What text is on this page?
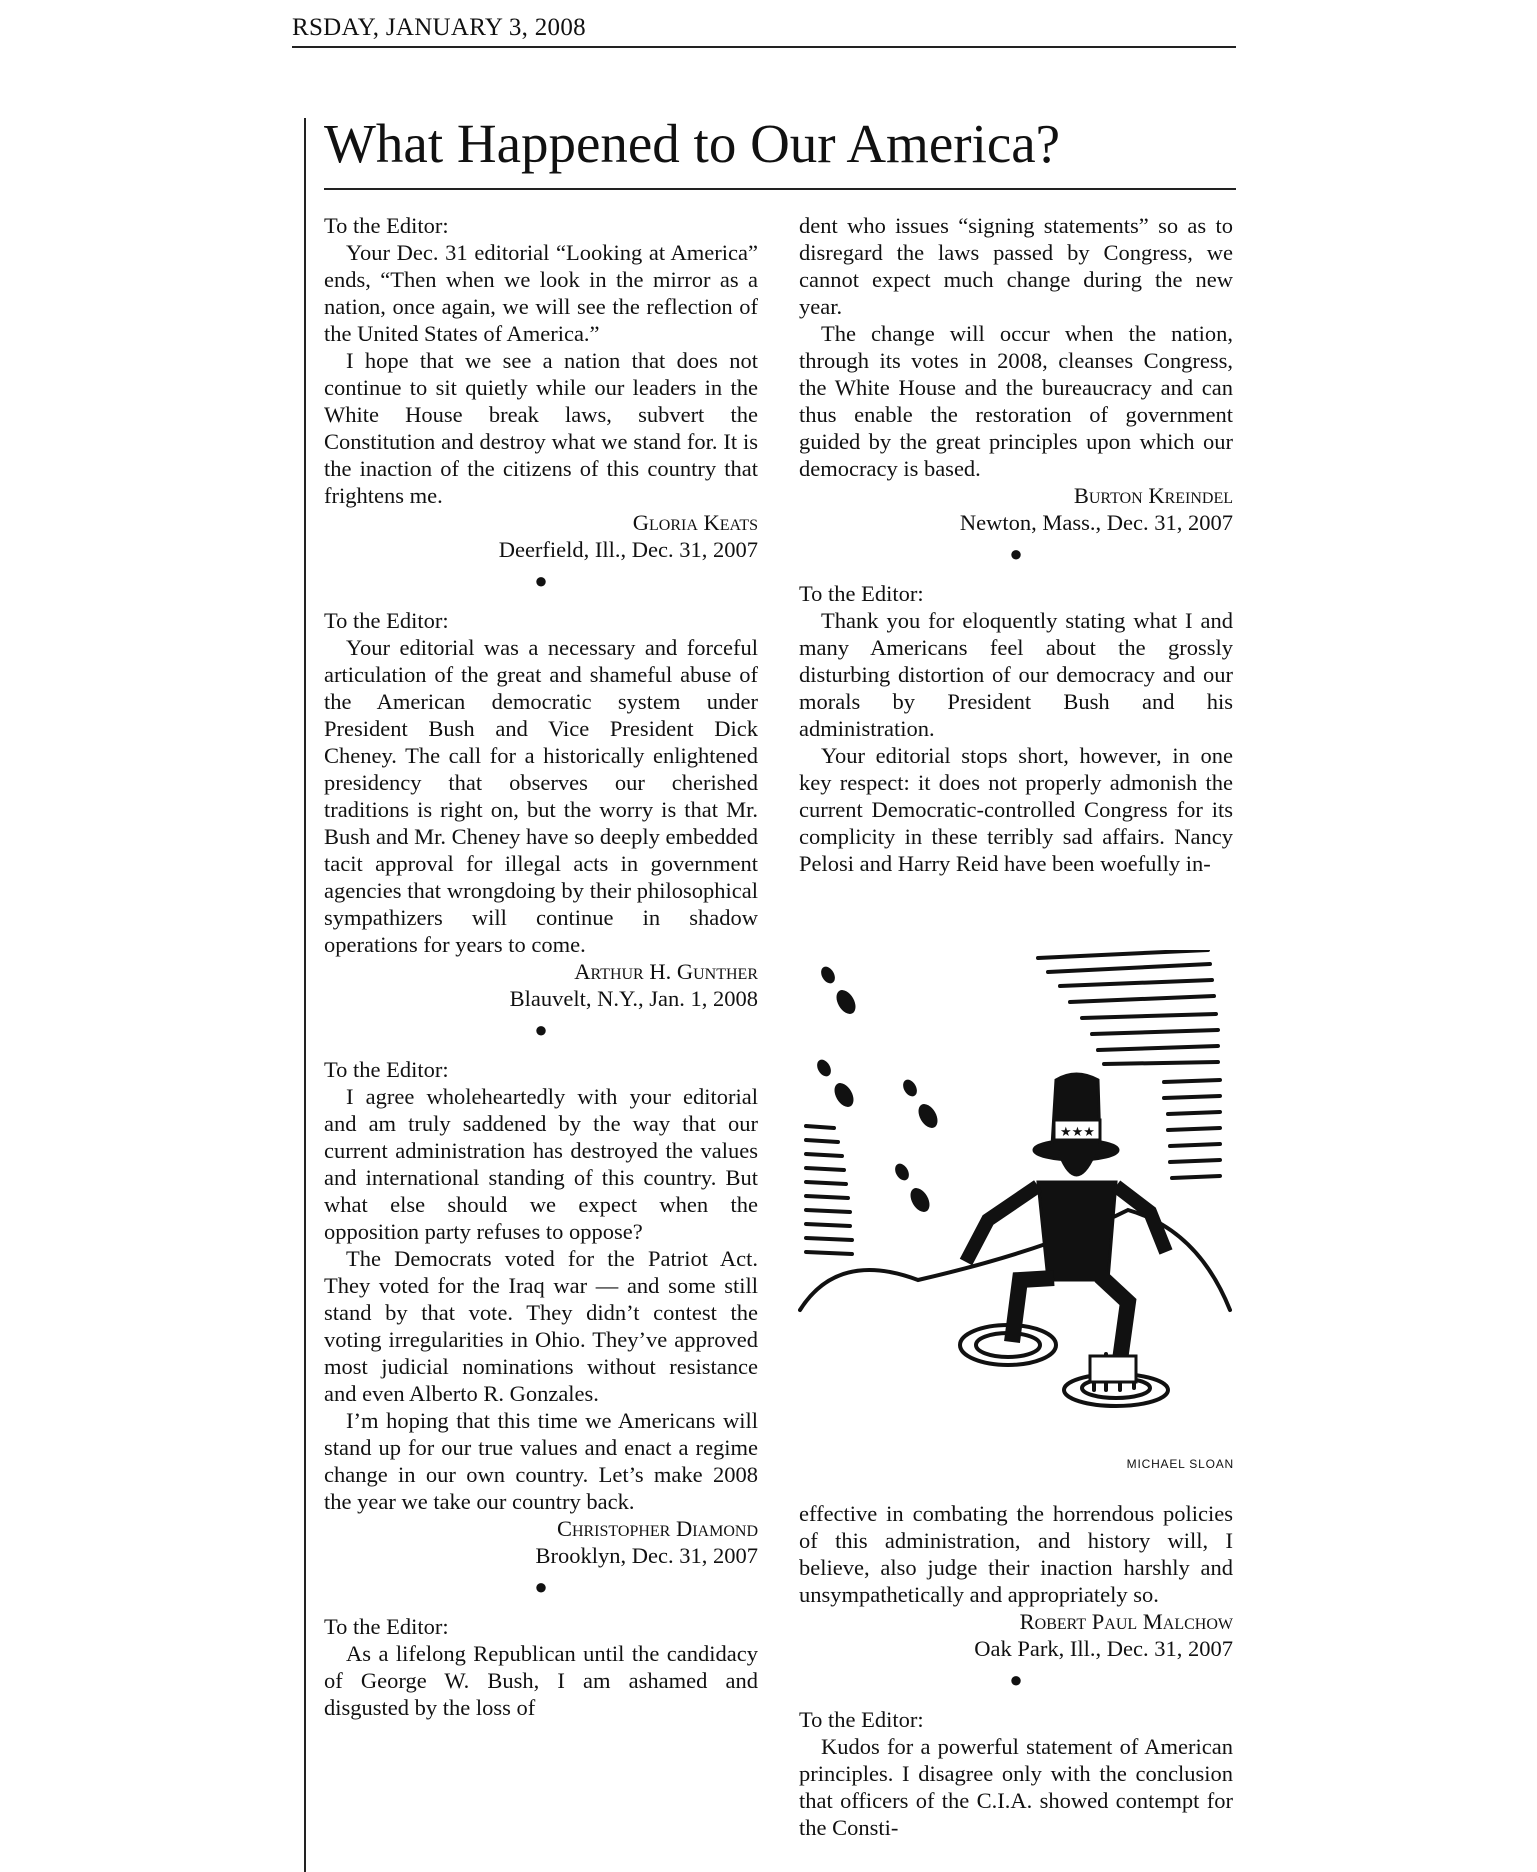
RSDAY, JANUARY 3, 2008
What Happened to Our America?
To the Editor:

Your Dec. 31 editorial “Looking at America” ends, “Then when we look in the mirror as a nation, once again, we will see the reflection of the United States of America.”

I hope that we see a nation that does not continue to sit quietly while our leaders in the White House break laws, subvert the Constitution and destroy what we stand for. It is the inaction of the citizens of this country that frightens me.

Gloria Keats
Deerfield, Ill., Dec. 31, 2007
●
To the Editor:

Your editorial was a necessary and forceful articulation of the great and shameful abuse of the American democratic system under President Bush and Vice President Dick Cheney. The call for a historically enlightened presidency that observes our cherished traditions is right on, but the worry is that Mr. Bush and Mr. Cheney have so deeply embedded tacit approval for illegal acts in government agencies that wrongdoing by their philosophical sympathizers will continue in shadow operations for years to come.

Arthur H. Gunther
Blauvelt, N.Y., Jan. 1, 2008
●
To the Editor:

I agree wholeheartedly with your editorial and am truly saddened by the way that our current administration has destroyed the values and international standing of this country. But what else should we expect when the opposition party refuses to oppose?

The Democrats voted for the Patriot Act. They voted for the Iraq war — and some still stand by that vote. They didn’t contest the voting irregularities in Ohio. They’ve approved most judicial nominations without resistance and even Alberto R. Gonzales.

I’m hoping that this time we Americans will stand up for our true values and enact a regime change in our own country. Let’s make 2008 the year we take our country back.

Christopher Diamond
Brooklyn, Dec. 31, 2007
●
To the Editor:

As a lifelong Republican until the candidacy of George W. Bush, I am ashamed and disgusted by the loss of

dent who issues “signing statements” so as to disregard the laws passed by Congress, we cannot expect much change during the new year.

The change will occur when the nation, through its votes in 2008, cleanses Congress, the White House and the bureaucracy and can thus enable the restoration of government guided by the great principles upon which our democracy is based.

Burton Kreindel
Newton, Mass., Dec. 31, 2007
●
To the Editor:

Thank you for eloquently stating what I and many Americans feel about the grossly disturbing distortion of our democracy and our morals by President Bush and his administration.

Your editorial stops short, however, in one key respect: it does not properly admonish the current Democratic-controlled Congress for its complicity in these terribly sad affairs. Nancy Pelosi and Harry Reid have been woefully in-

★★★
MICHAEL SLOAN

effective in combating the horrendous policies of this administration, and history will, I believe, also judge their inaction harshly and unsympathetically and appropriately so.

Robert Paul Malchow
Oak Park, Ill., Dec. 31, 2007
●
To the Editor:

Kudos for a powerful statement of American principles. I disagree only with the conclusion that officers of the C.I.A. showed contempt for the Consti-
